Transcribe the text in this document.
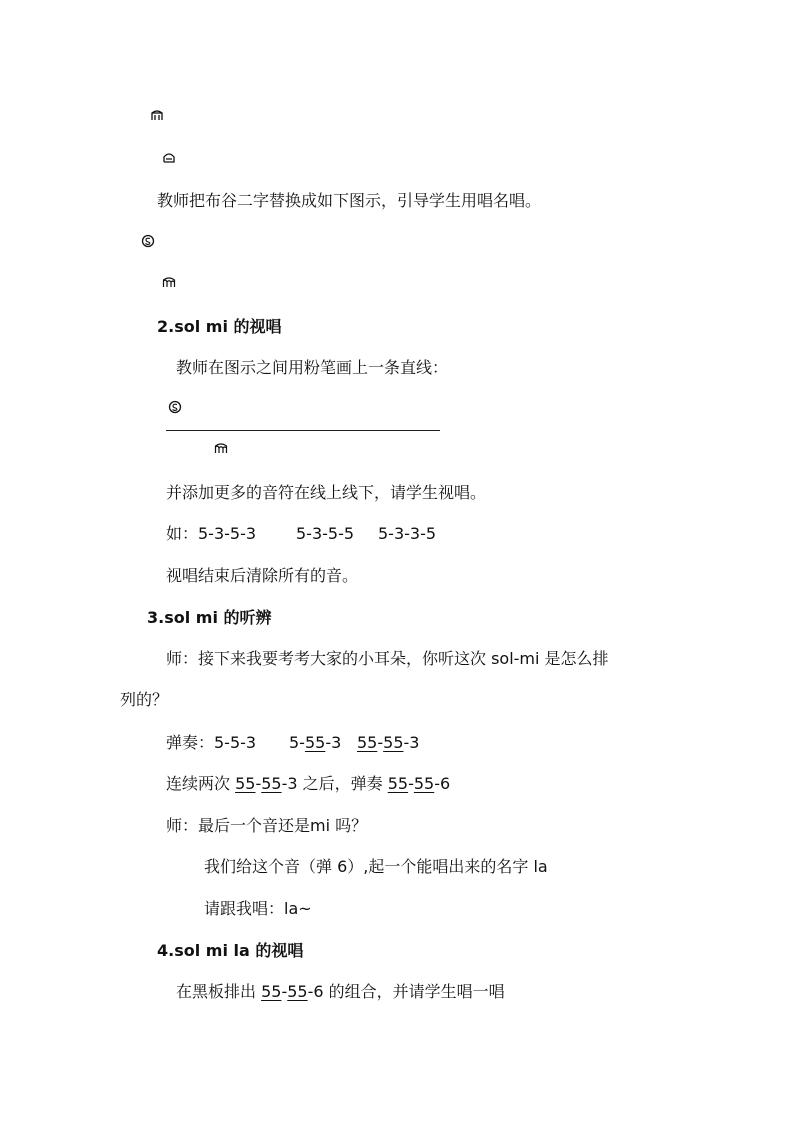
教师把布谷二字替换成如下图示，引导学生用唱名唱。
2.sol mi 的视唱
教师在图示之间用粉笔画上一条直线：
并添加更多的音符在线上线下，请学生视唱。
如：5-3-5-3 5-3-5-5 5-3-3-5
视唱结束后清除所有的音。
3.sol mi 的听辨
师：接下来我要考考大家的小耳朵，你听这次 sol-mi 是怎么排
列的？
弹奏：5-5-3 5-55-3 55-55-3
连续两次 55-55-3 之后，弹奏 55-55-6
师：最后一个音还是mi 吗？
我们给这个音（弹 6）,起一个能唱出来的名字 la
请跟我唱：la~
4.sol mi la 的视唱
在黑板排出 55-55-6 的组合，并请学生唱一唱
